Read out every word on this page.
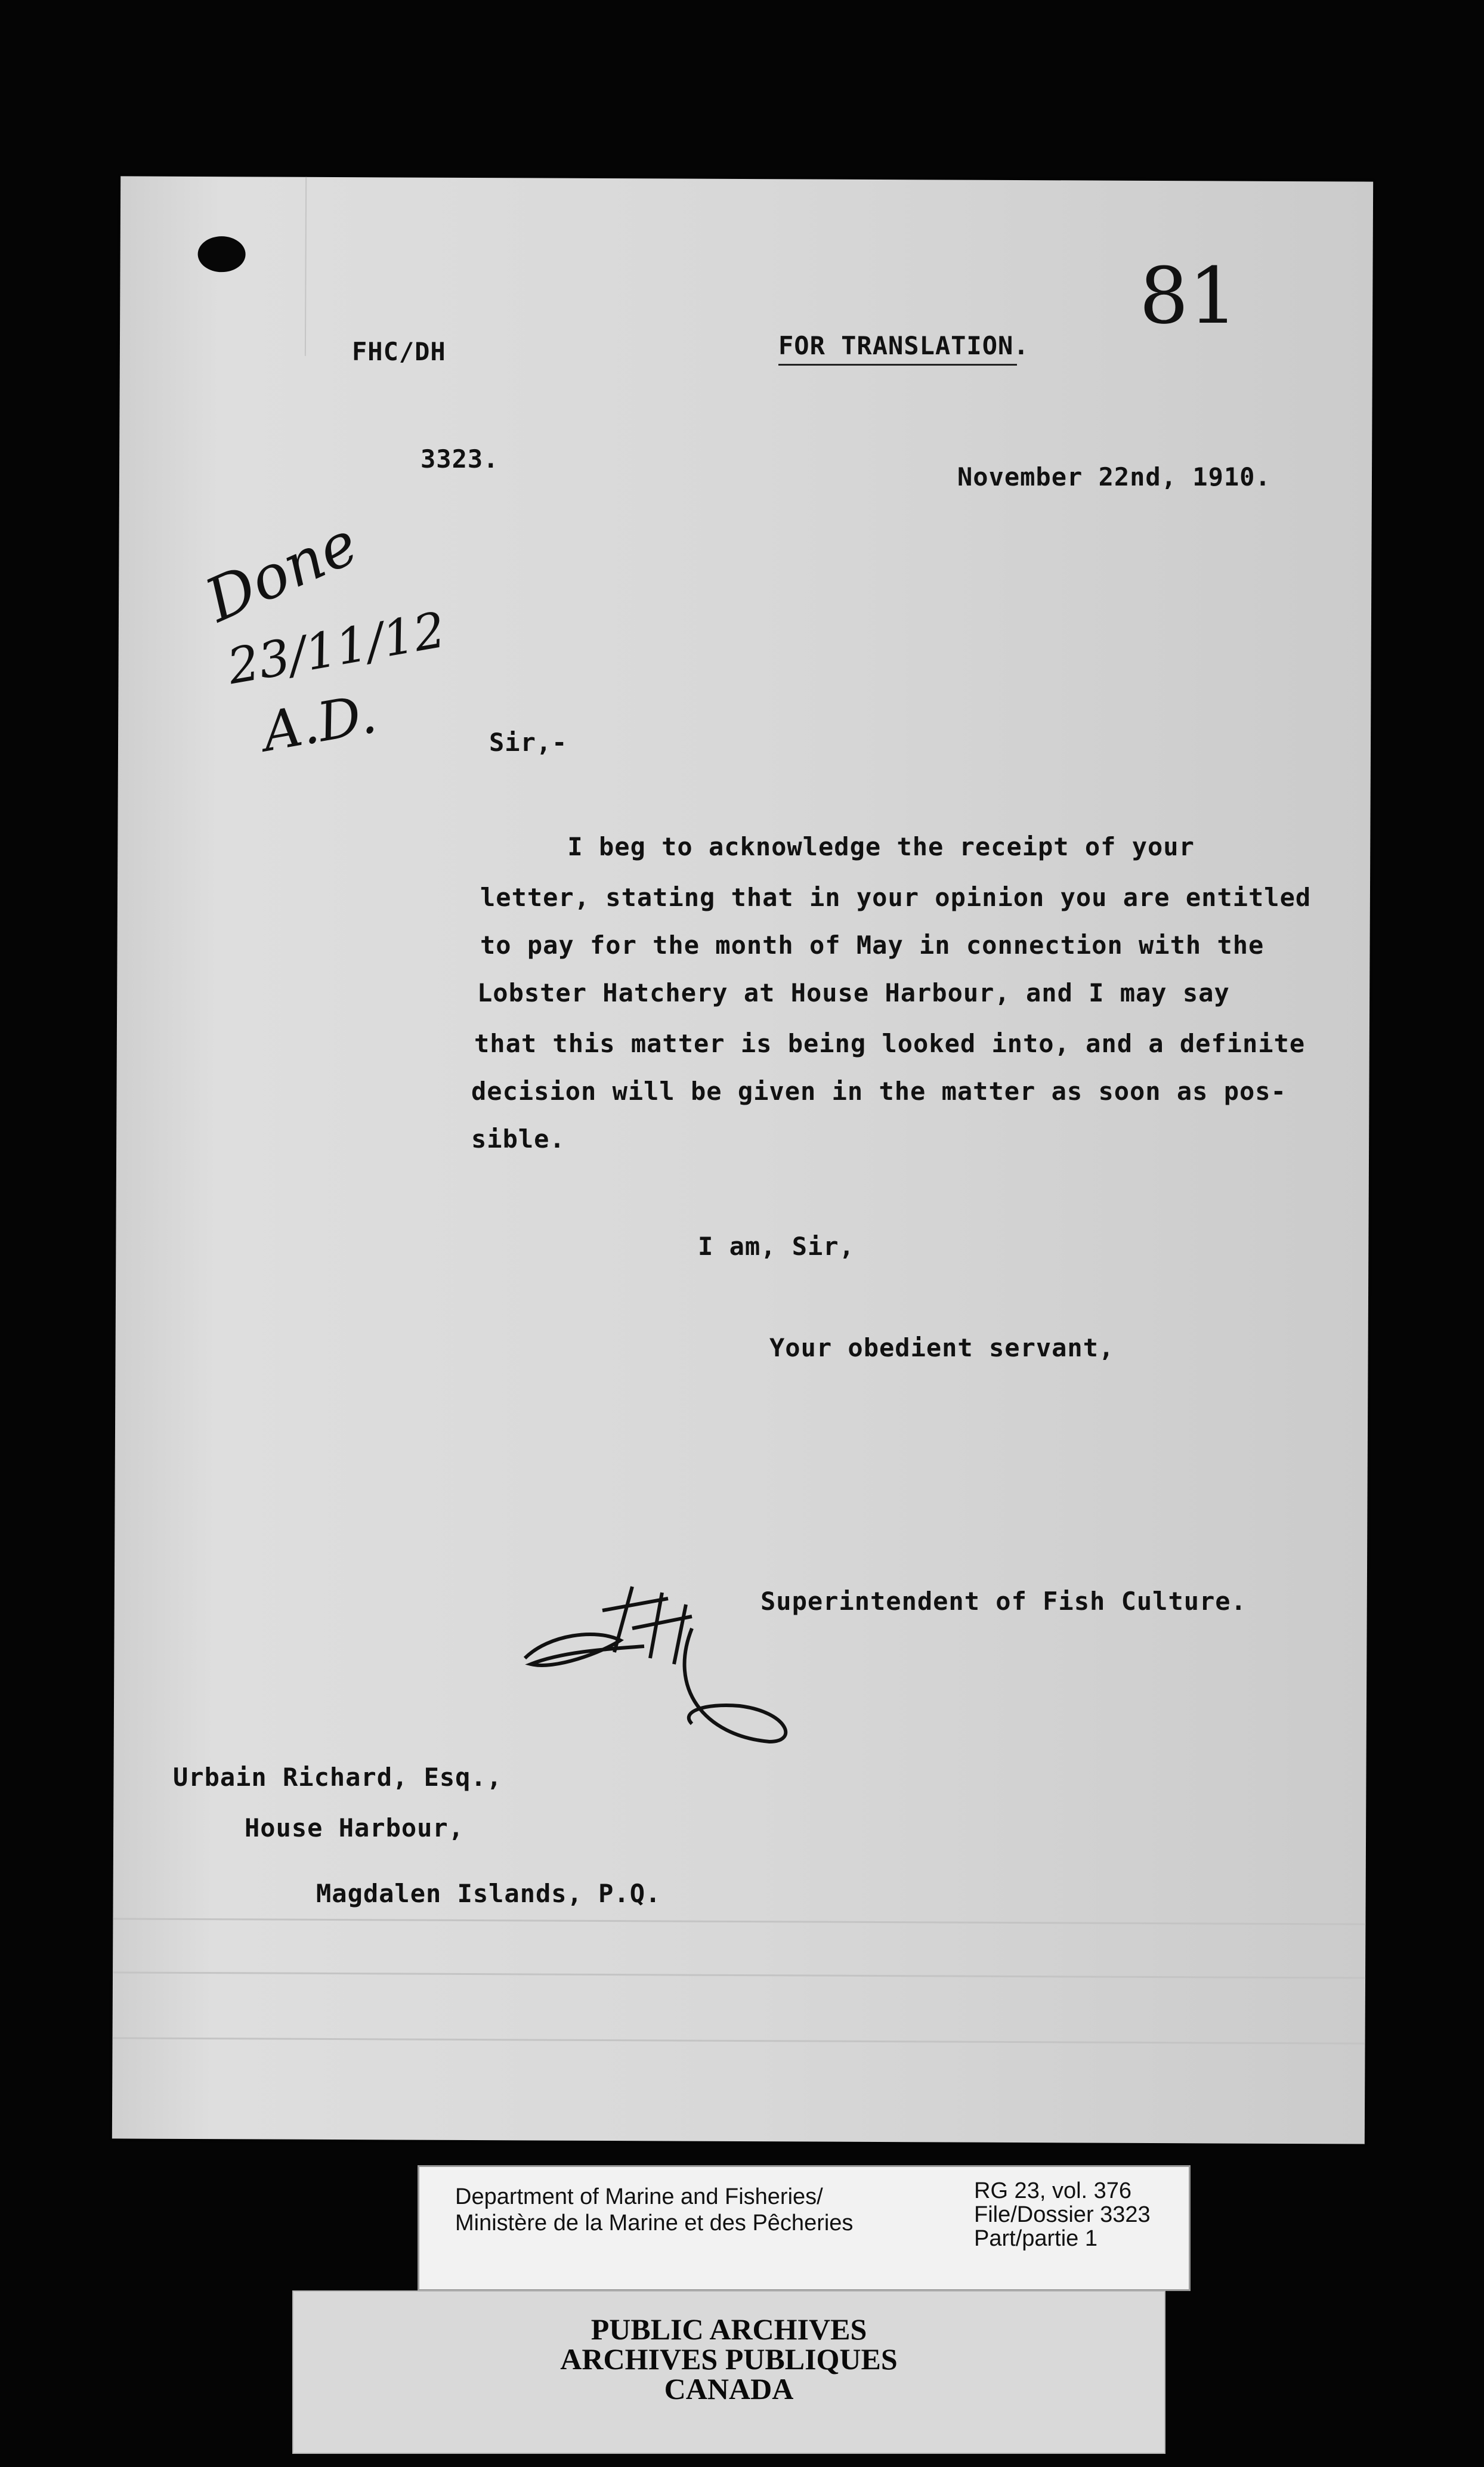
FHC/DH	FOR TRANSLATION.
81
3323.
November 22nd, 1910.
Done
23/11/12
A.D.	Sir,-
I beg to acknowledge the receipt of your
letter, stating that in your opinion you are entitled
to pay for the month of May in connection with the
Lobster Hatchery at House Harbour, and I may say
that this matter is being looked into, and a definite
decision will be given in the matter as soon as pos-
sible.
I am, Sir,
Your obedient servant,
Superintendent of Fish Culture.
Urbain Richard, Esq.,
House Harbour,
Magdalen Islands, P.Q.
Department of Marine and Fisheries/
Ministère de la Marine et des Pêcheries
RG 23, vol. 376
File/Dossier 3323
Part/partie 1
PUBLIC ARCHIVES
ARCHIVES PUBLIQUES
CANADA
